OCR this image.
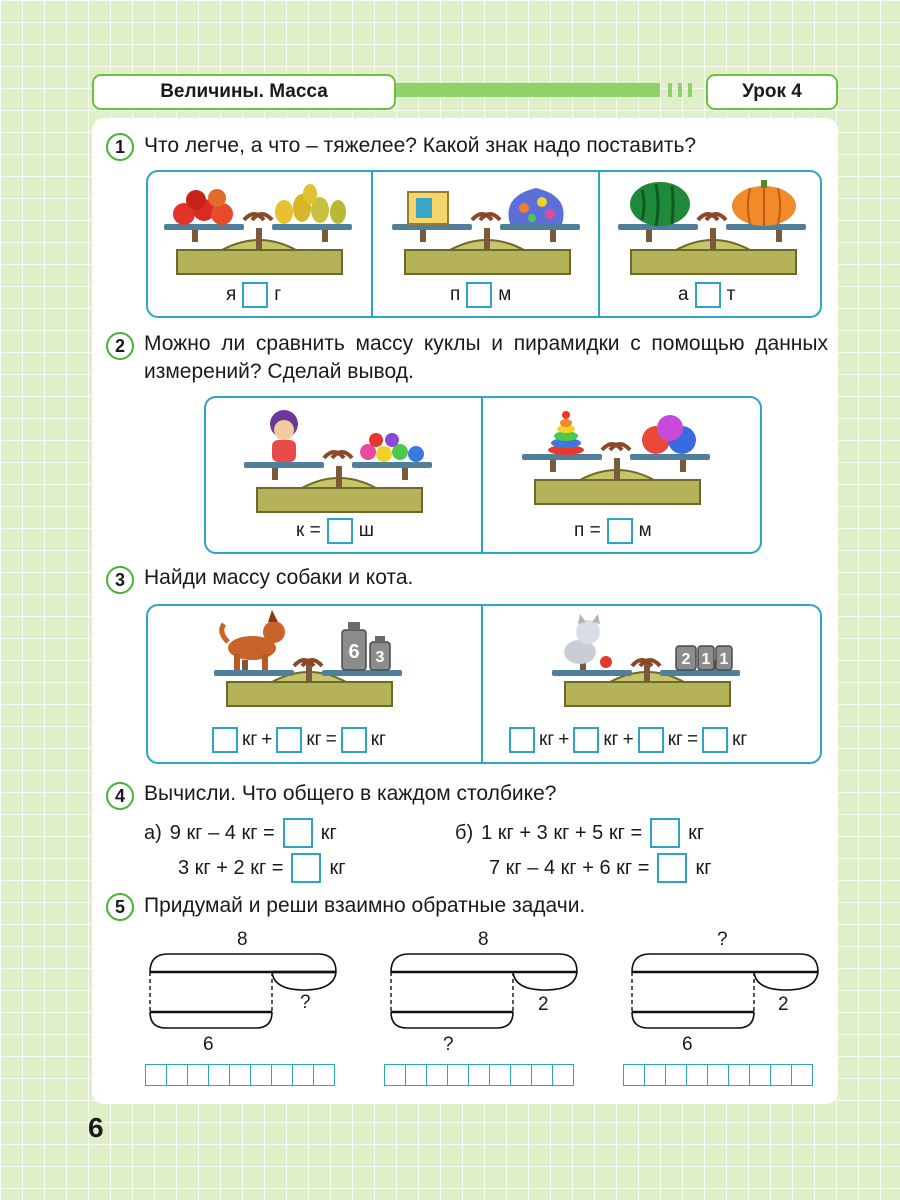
Величины. Масса	Урок 4
1 Что легче, а что – тяжелее? Какой знак надо поставить?
я г	п м	а т
2 Можно ли сравнить массу куклы и пирамидки с помощью данных измерений? Сделай вывод.
к = ш	п = м
3 Найди массу собаки и кота.
6 3	2 1 1
кг + кг = кг	кг + кг + кг = кг
4 Вычисли. Что общего в каждом столбике?
а) 9 кг – 4 кг = кг
3 кг + 2 кг = кг
б) 1 кг + 3 кг + 5 кг = кг
7 кг – 4 кг + 6 кг = кг
5 Придумай и реши взаимно обратные задачи.
8
?
6
8
2
?
?
2
6
6
